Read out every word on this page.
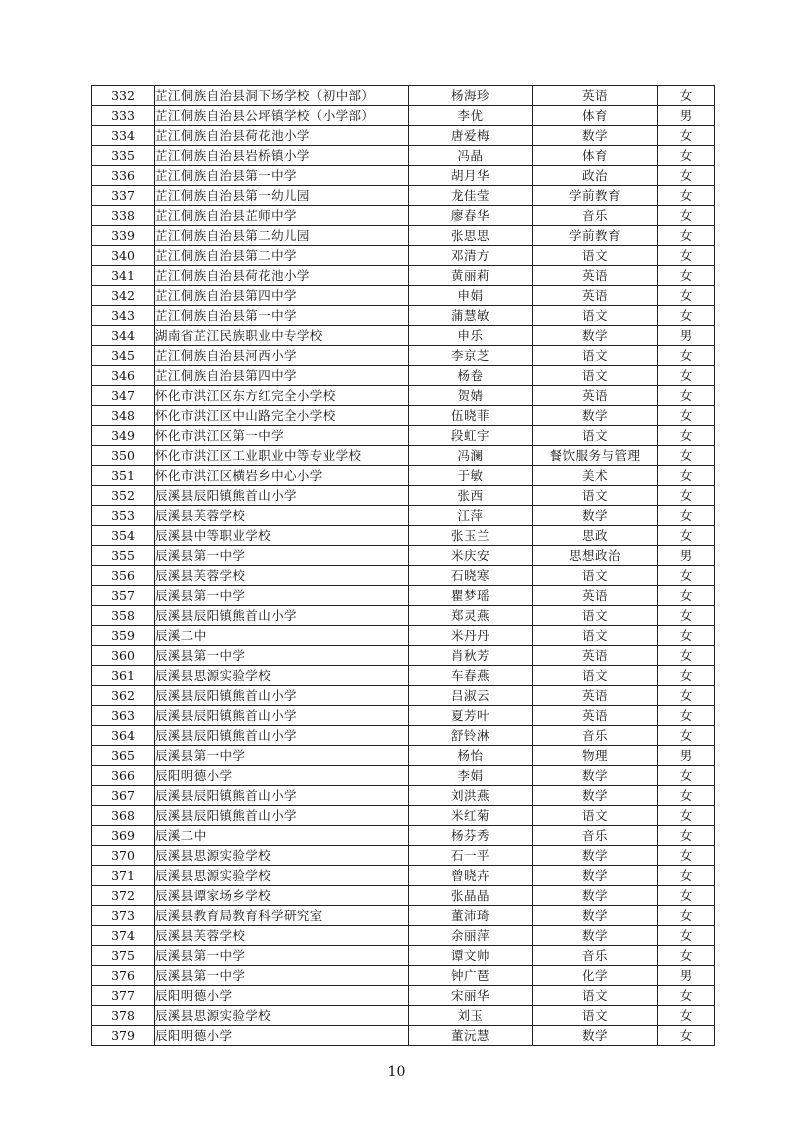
332	芷江侗族自治县洞下场学校（初中部）	杨海珍	英语	女
333	芷江侗族自治县公坪镇学校（小学部）	李优	体育	男
334	芷江侗族自治县荷花池小学	唐爱梅	数学	女
335	芷江侗族自治县岩桥镇小学	冯晶	体育	女
336	芷江侗族自治县第一中学	胡月华	政治	女
337	芷江侗族自治县第一幼儿园	龙佳莹	学前教育	女
338	芷江侗族自治县芷师中学	廖春华	音乐	女
339	芷江侗族自治县第二幼儿园	张思思	学前教育	女
340	芷江侗族自治县第二中学	邓清方	语文	女
341	芷江侗族自治县荷花池小学	黄丽莉	英语	女
342	芷江侗族自治县第四中学	申娟	英语	女
343	芷江侗族自治县第一中学	蒲慧敏	语文	女
344	湖南省芷江民族职业中专学校	申乐	数学	男
345	芷江侗族自治县河西小学	李京芝	语文	女
346	芷江侗族自治县第四中学	杨卷	语文	女
347	怀化市洪江区东方红完全小学校	贺婧	英语	女
348	怀化市洪江区中山路完全小学校	伍晓菲	数学	女
349	怀化市洪江区第一中学	段虹宇	语文	女
350	怀化市洪江区工业职业中等专业学校	冯澜	餐饮服务与管理	女
351	怀化市洪江区横岩乡中心小学	于敏	美术	女
352	辰溪县辰阳镇熊首山小学	张西	语文	女
353	辰溪县芙蓉学校	江萍	数学	女
354	辰溪县中等职业学校	张玉兰	思政	女
355	辰溪县第一中学	米庆安	思想政治	男
356	辰溪县芙蓉学校	石晓寒	语文	女
357	辰溪县第一中学	瞿梦瑶	英语	女
358	辰溪县辰阳镇熊首山小学	郑灵燕	语文	女
359	辰溪二中	米丹丹	语文	女
360	辰溪县第一中学	肖秋芳	英语	女
361	辰溪县思源实验学校	车春燕	语文	女
362	辰溪县辰阳镇熊首山小学	吕淑云	英语	女
363	辰溪县辰阳镇熊首山小学	夏芳叶	英语	女
364	辰溪县辰阳镇熊首山小学	舒铃淋	音乐	女
365	辰溪县第一中学	杨怡	物理	男
366	辰阳明德小学	李娟	数学	女
367	辰溪县辰阳镇熊首山小学	刘洪燕	数学	女
368	辰溪县辰阳镇熊首山小学	米红菊	语文	女
369	辰溪二中	杨芬秀	音乐	女
370	辰溪县思源实验学校	石一平	数学	女
371	辰溪县思源实验学校	曾晓卉	数学	女
372	辰溪县谭家场乡学校	张晶晶	数学	女
373	辰溪县教育局教育科学研究室	董沛琦	数学	女
374	辰溪县芙蓉学校	余丽萍	数学	女
375	辰溪县第一中学	谭文帅	音乐	女
376	辰溪县第一中学	钟广琶	化学	男
377	辰阳明德小学	宋丽华	语文	女
378	辰溪县思源实验学校	刘玉	语文	女
379	辰阳明德小学	董沅慧	数学	女
10
